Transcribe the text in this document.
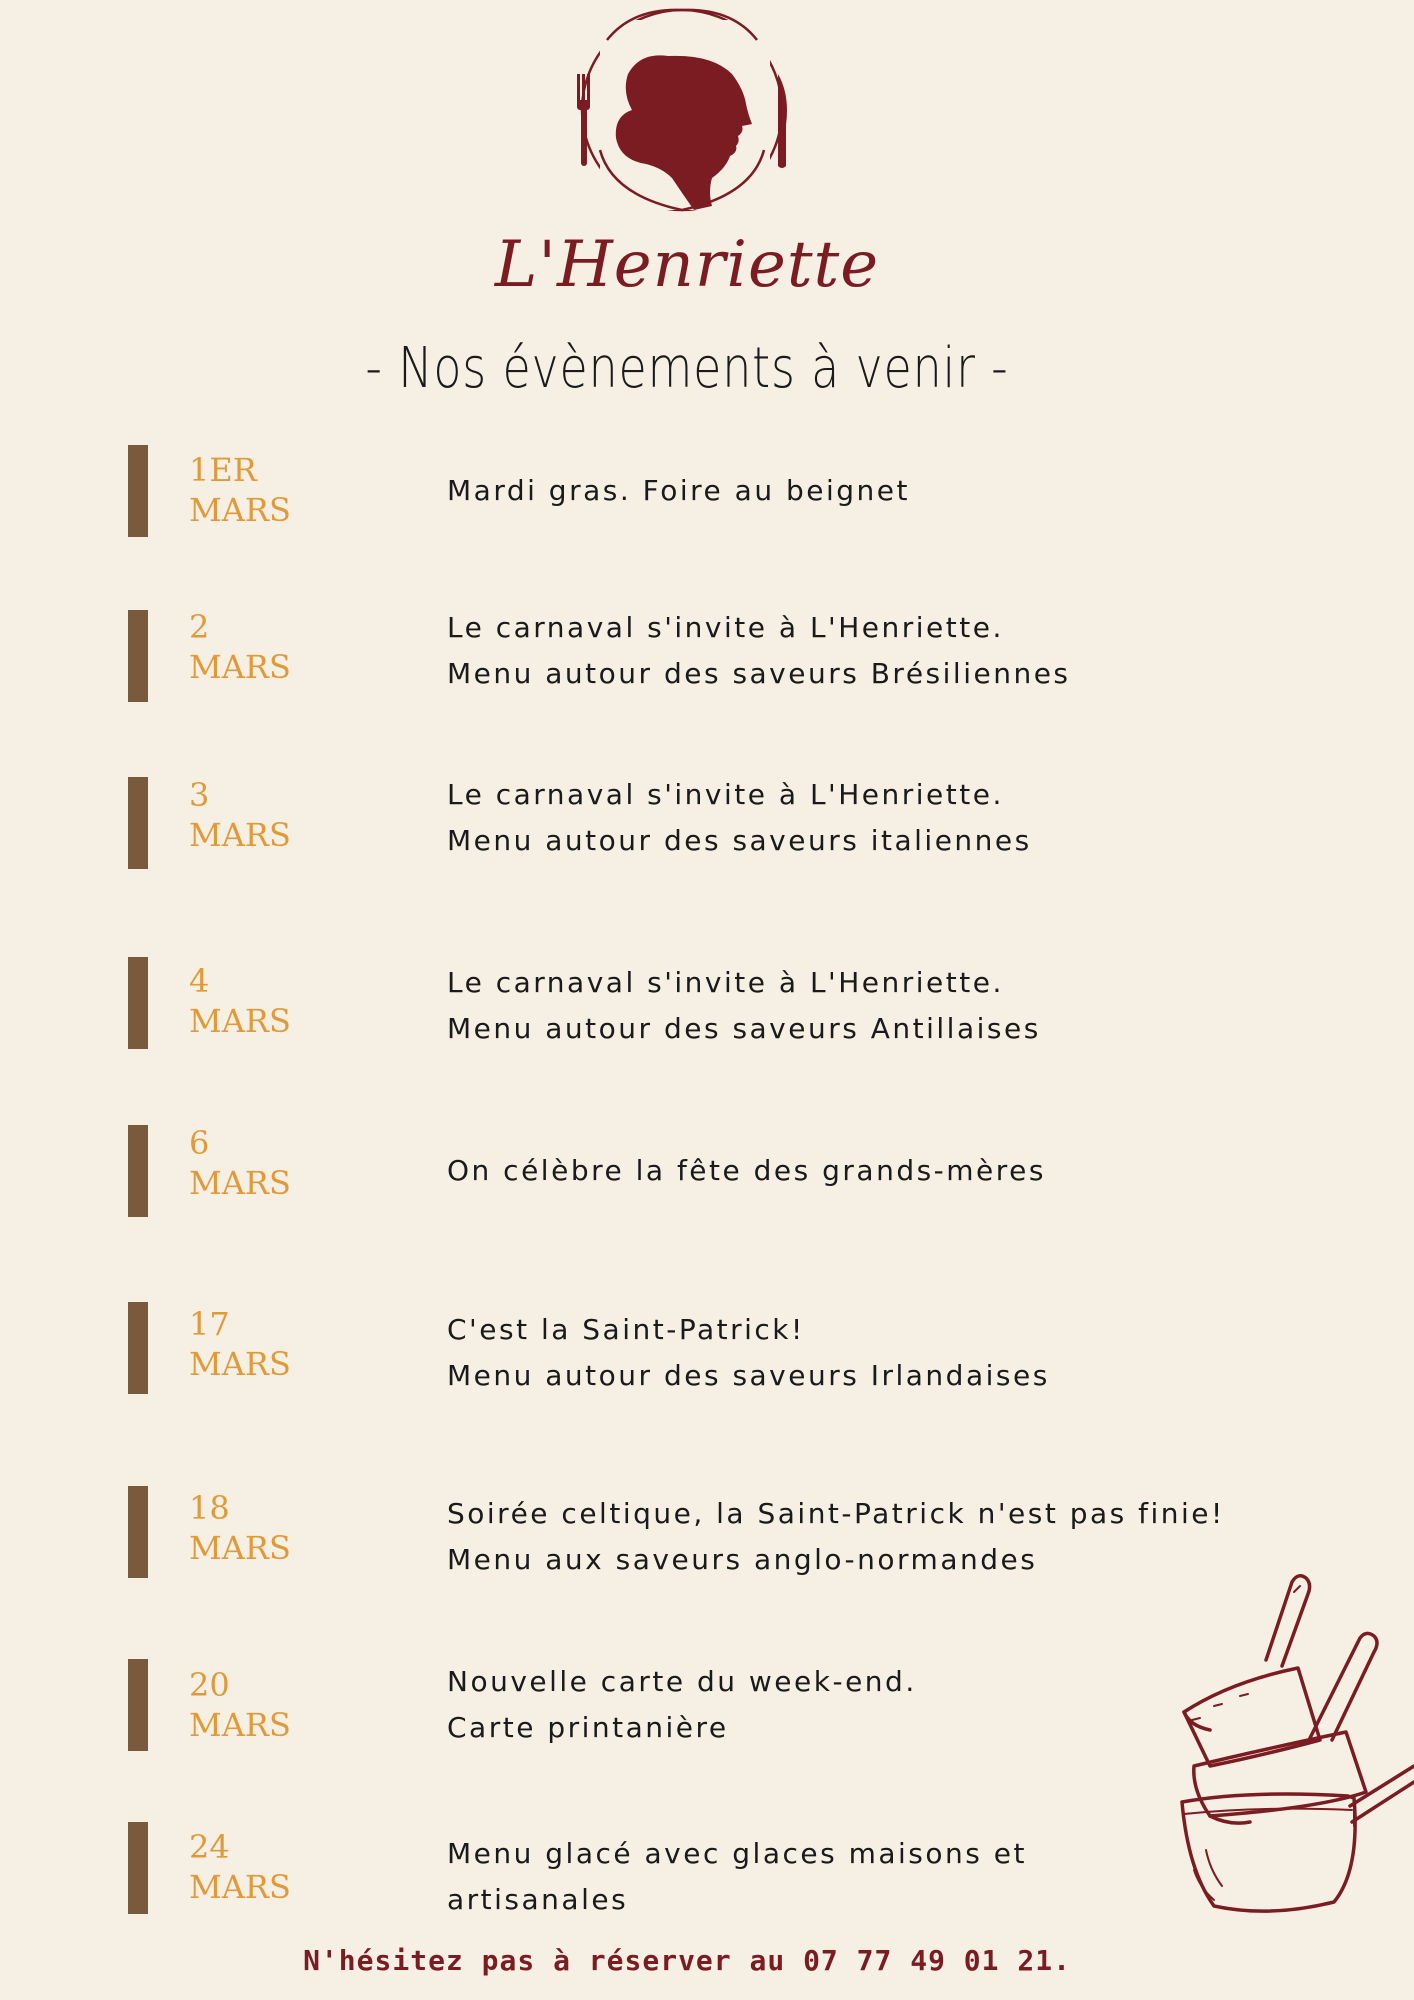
L'Henriette
- Nos évènements à venir -
1ER
MARS
Mardi gras. Foire au beignet
2
MARS
Le carnaval s'invite à L'Henriette.
Menu autour des saveurs Brésiliennes
3
MARS
Le carnaval s'invite à L'Henriette.
Menu autour des saveurs italiennes
4
MARS
Le carnaval s'invite à L'Henriette.
Menu autour des saveurs Antillaises
6
MARS	On célèbre la fête des grands-mères
17
MARS
C'est la Saint-Patrick!
Menu autour des saveurs Irlandaises
18
MARS
Soirée celtique, la Saint-Patrick n'est pas finie!
Menu aux saveurs anglo-normandes
20
MARS
Nouvelle carte du week-end.
Carte printanière
24
MARS
Menu glacé avec glaces maisons et
artisanales
N'hésitez pas à réserver au 07 77 49 01 21.
